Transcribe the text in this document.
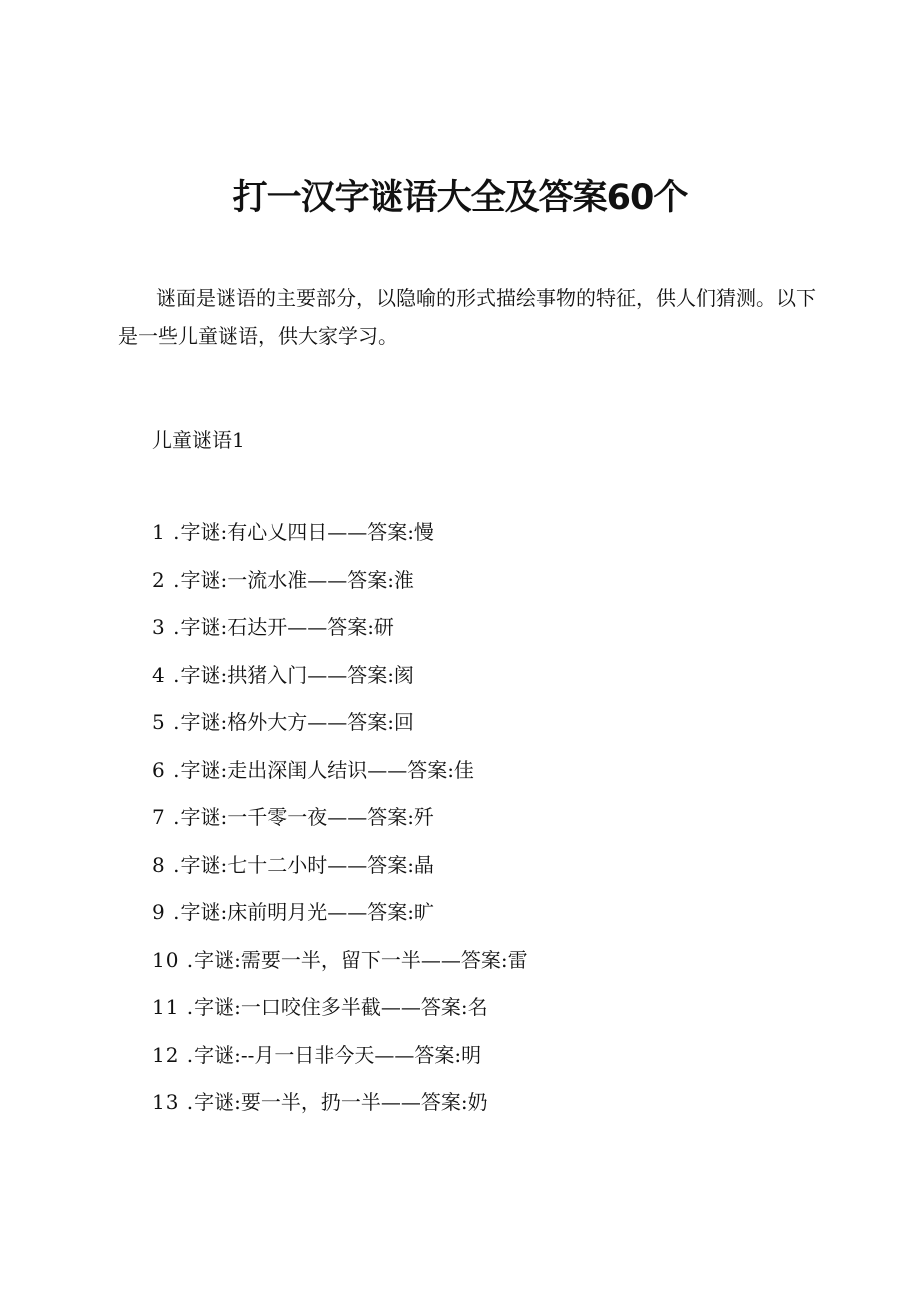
打一汉字谜语大全及答案60个

谜面是谜语的主要部分，以隐喻的形式描绘事物的特征，供人们猜测。以下是一些儿童谜语，供大家学习。

儿童谜语1
1 .字谜:有心乂四日——答案:慢
2 .字谜:一流水准——答案:淮
3 .字谜:石达开——答案:研
4 .字谜:拱猪入门——答案:阂
5 .字谜:格外大方——答案:回
6 .字谜:走出深闺人结识——答案:佳
7 .字谜:一千零一夜——答案:歼
8 .字谜:七十二小时——答案:晶
9 .字谜:床前明月光——答案:旷
10 .字谜:需要一半，留下一半——答案:雷
11 .字谜:一口咬住多半截——答案:名
12 .字谜:--月一日非今天——答案:明
13 .字谜:要一半，扔一半——答案:奶
